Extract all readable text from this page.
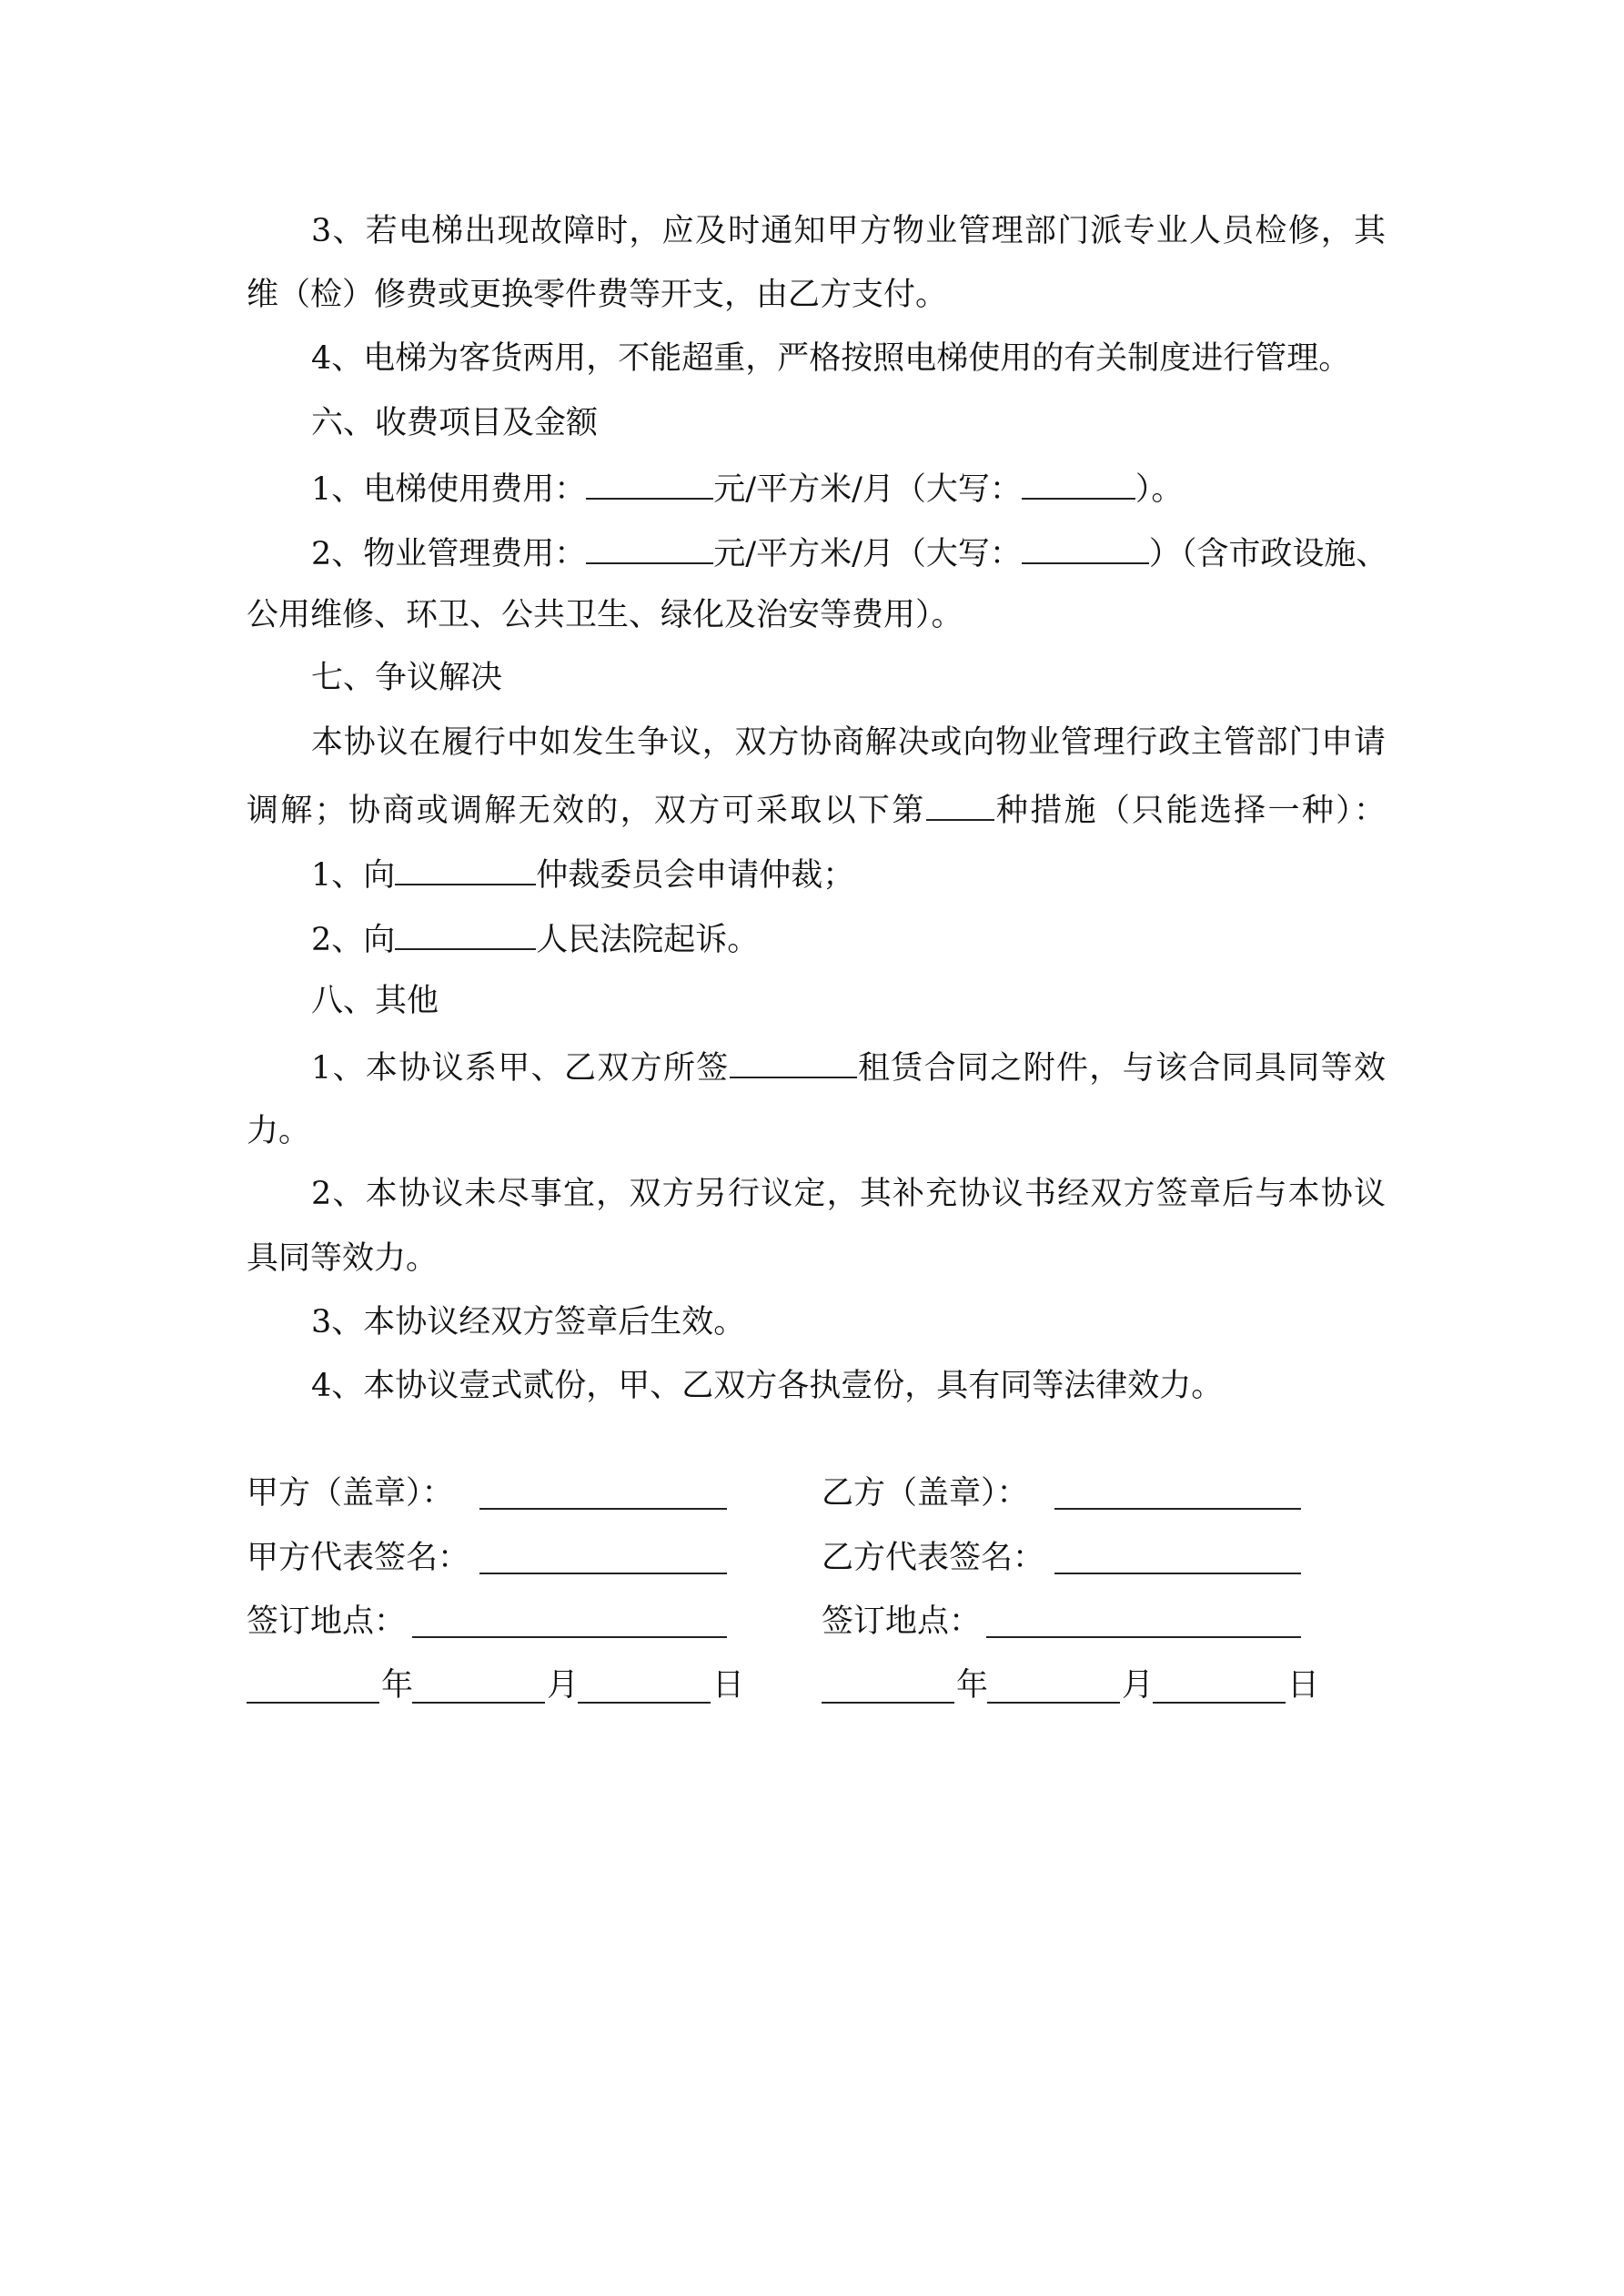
3、若电梯出现故障时，应及时通知甲方物业管理部门派专业人员检修，其
维（检）修费或更换零件费等开支，由乙方支付。
4、电梯为客货两用，不能超重，严格按照电梯使用的有关制度进行管理。
六、收费项目及金额
1、电梯使用费用：	元/平方米/月（大写：	）。
2、物业管理费用：	元/平方米/月（大写：	）（含市政设施、
公用维修、环卫、公共卫生、绿化及治安等费用）。
七、争议解决
本协议在履行中如发生争议，双方协商解决或向物业管理行政主管部门申请
调解；协商或调解无效的，双方可采取以下第 种措施（只能选择一种）：
1、向	仲裁委员会申请仲裁；
2、向	人民法院起诉。
八、其他
1、本协议系甲、乙双方所签	租赁合同之附件，与该合同具同等效
力。
2、本协议未尽事宜，双方另行议定，其补充协议书经双方签章后与本协议
具同等效力。
3、本协议经双方签章后生效。
4、本协议壹式贰份，甲、乙双方各执壹份，具有同等法律效力。
甲方（盖章）：	乙方（盖章）：
甲方代表签名：	乙方代表签名：
签订地点：	签订地点：
年	月	日	年	月	日
